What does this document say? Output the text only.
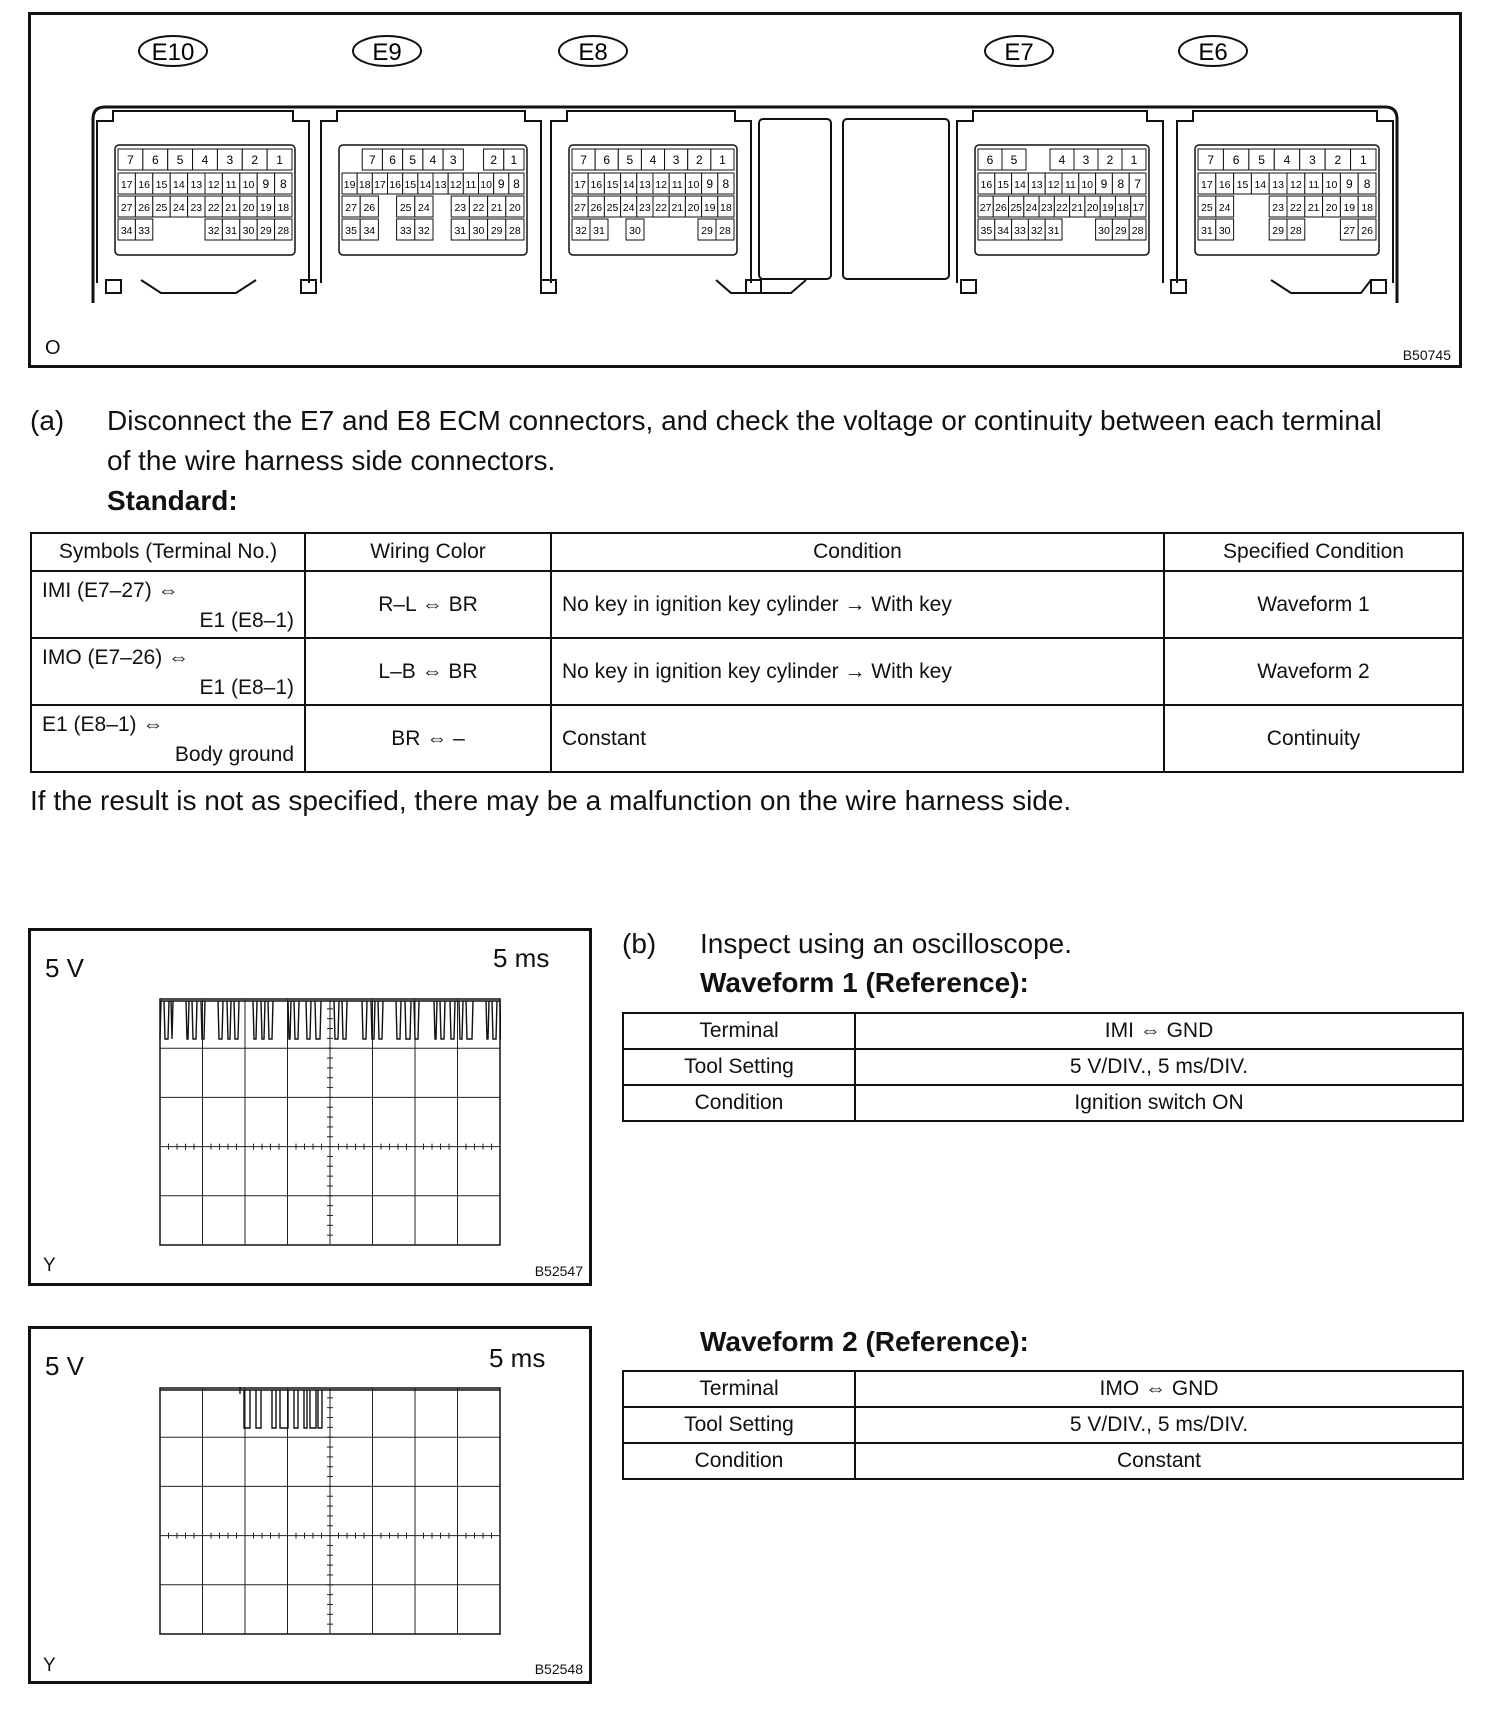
E10	E9	E8	E7	E6
7 6 5 4 3 2 1
17 16 15 14 13 12 11 10 9 8
27 26 25 24 23 22 21 20 19 18
34 33	32 31 30 29 28
7 6 5 4 3	2 1
19 18 17 16 15 14 13 12 11 10 9 8
27 26 25 24 23 22 21 20
35 34 33 32 31 30 29 28
7 6 5 4 3 2 1
17 16 15 14 13 12 11 10 9 8
27 26 25 24 23 22 21 20 19 18
32 31 30	29 28
6 5	4 3 2 1
16 15 14 13 12 11 10 9 8 7
27 26 25 24 23 22 21 20 19 18 17
35 34 33 32 31	30 29 28
7 6 5 4 3 2 1
17 16 15 14 13 12 11 10 9 8
25 24	23 22 21 20 19 18
31 30	29 28	27 26
O	B50745
(a) Disconnect the E7 and E8 ECM connectors, and check the voltage or continuity between each terminal
of the wire harness side connectors.
Standard:
Symbols (Terminal No.)	Wiring Color	Condition	Specified Condition

IMI (E7–27) ⇔
E1 (E8–1)	R–L ⇔ BR	No key in ignition key cylinder → With key	Waveform 1

IMO (E7–26) ⇔
E1 (E8–1)	L–B ⇔ BR	No key in ignition key cylinder → With key	Waveform 2

E1 (E8–1) ⇔
Body ground	BR ⇔ –	Constant	Continuity
If the result is not as specified, there may be a malfunction on the wire harness side.
5 V	5 ms
Y	B52547
5 V	5 ms
Y	B52548
(b) Inspect using an oscilloscope.
Waveform 1 (Reference):
Terminal	IMI ⇔ GND
Tool Setting	5 V/DIV., 5 ms/DIV.
Condition	Ignition switch ON
Waveform 2 (Reference):
Terminal	IMO ⇔ GND
Tool Setting	5 V/DIV., 5 ms/DIV.
Condition	Constant
